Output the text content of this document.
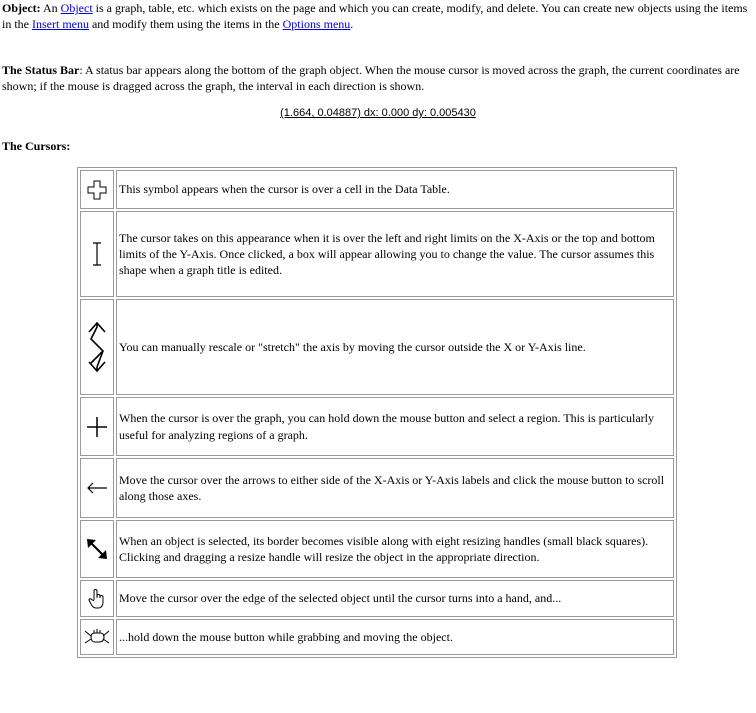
Object: An Object is a graph, table, etc. which exists on the page and which you can create, modify, and delete. You can create new objects using the items in the Insert menu and modify them using the items in the Options menu.

The Status Bar: A status bar appears along the bottom of the graph object. When the mouse cursor is moved across the graph, the current coordinates are shown; if the mouse is dragged across the graph, the interval in each direction is shown.

(1.664, 0.04887) dx: 0.000 dy: 0.005430
The Cursors:
	This symbol appears when the cursor is over a cell in the Data Table.

	The cursor takes on this appearance when it is over the left and right limits on the X-Axis or the top and bottom limits of the Y-Axis. Once clicked, a box will appear allowing you to change the value. The cursor assumes this shape when a graph title is edited.

	You can manually rescale or "stretch" the axis by moving the cursor outside the X or Y-Axis line.

	When the cursor is over the graph, you can hold down the mouse button and select a region. This is particularly useful for analyzing regions of a graph.

	Move the cursor over the arrows to either side of the X-Axis or Y-Axis labels and click the mouse button to scroll along those axes.

	When an object is selected, its border becomes visible along with eight resizing handles (small black squares). Clicking and dragging a resize handle will resize the object in the appropriate direction.

	Move the cursor over the edge of the selected object until the cursor turns into a hand, and...

	...hold down the mouse button while grabbing and moving the object.
